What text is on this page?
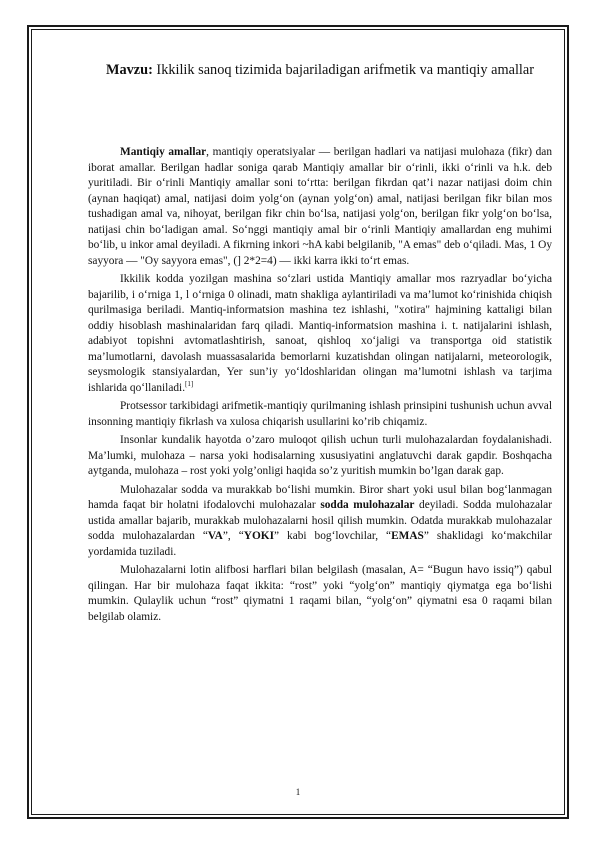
Mavzu: Ikkilik sanoq tizimida bajariladigan arifmetik va mantiqiy amallar

Mantiqiy amallar, mantiqiy operatsiyalar — berilgan hadlari va natijasi mulohaza (fikr) dan iborat amallar. Berilgan hadlar soniga qarab Mantiqiy amallar bir o‘rinli, ikki o‘rinli va h.k. deb yuritiladi. Bir o‘rinli Mantiqiy amallar soni to‘rtta: berilgan fikrdan qat’i nazar natijasi doim chin (aynan haqiqat) amal, natijasi doim yolg‘on (aynan yolg‘on) amal, natijasi berilgan fikr bilan mos tushadigan amal va, nihoyat, berilgan fikr chin bo‘lsa, natijasi yolg‘on, berilgan fikr yolg‘on bo‘lsa, natijasi chin bo‘ladigan amal. So‘nggi mantiqiy amal bir o‘rinli Mantiqiy amallardan eng muhimi bo‘lib, u inkor amal deyiladi. A fikrning inkori ~hA kabi belgilanib, "A emas" deb o‘qiladi. Mas, 1 Oy sayyora — "Oy sayyora emas", (] 2*2=4) — ikki karra ikki to‘rt emas.

Ikkilik kodda yozilgan mashina so‘zlari ustida Mantiqiy amallar mos razryadlar bo‘yicha bajarilib, i o‘rniga 1, l o‘rniga 0 olinadi, matn shaklіga aylantiriladi va ma’lumot ko‘rinishida chiqish qurilmasiga beriladi. Mantiq-informatsion mashina tez ishlashi, "xotira" hajmining kattaligi bilan oddiy hisoblash mashinalaridan farq qiladi. Mantiq-informatsion mashina i. t. natijalarini ishlash, adabiyot topishni avtomatlashtirish, sanoat, qishloq xo‘jaligi va transportga oid statistik ma’lumotlarni, davolash muassasalarida bemorlarni kuzatishdan olingan natijalarni, meteorologik, seysmologik stansiyalardan, Yer sun’iy yo‘ldoshlaridan olingan ma’lumotni ishlash va tarjima ishlarida qo‘llaniladi.[1]

Protsessor tarkibidagi arifmetik-mantiqiy qurilmaning ishlash prinsipini tushunish uchun avval insonning mantiqiy fikrlash va xulosa chiqarish usullarini ko’rib chiqamiz.

Insonlar kundalik hayotda o’zaro muloqot qilish uchun turli mulohazalardan foydalanishadi. Ma’lumki, mulohaza – narsa yoki hodisalarning xususiyatini anglatuvchi darak gapdir. Boshqacha aytganda, mulohaza – rost yoki yolg’onligi haqida so’z yuritish mumkin bo’lgan darak gap.

Mulohazalar sodda va murakkab bo‘lishi mumkin. Biror shart yoki usul bilan bog‘lanmagan hamda faqat bir holatni ifodalovchi mulohazalar sodda mulohazalar deyiladi. Sodda mulohazalar ustida amallar bajarib, murakkab mulohazalarni hosil qilish mumkin. Odatda murakkab mulohazalar sodda mulohazalardan “VA”, “YOKI” kabi bog‘lovchilar, “EMAS” shaklidagi ko‘makchilar yordamida tuziladi.

Mulohazalarni lotin alifbosi harflari bilan belgilash (masalan, A= “Bugun havo issiq”) qabul qilingan. Har bir mulohaza faqat ikkita: “rost” yoki “yolg‘on” mantiqiy qiymatga ega bo‘lishi mumkin. Qulaylik uchun “rost” qiymatni 1 raqami bilan, “yolg‘on” qiymatni esa 0 raqami bilan belgilab olamiz.

1
